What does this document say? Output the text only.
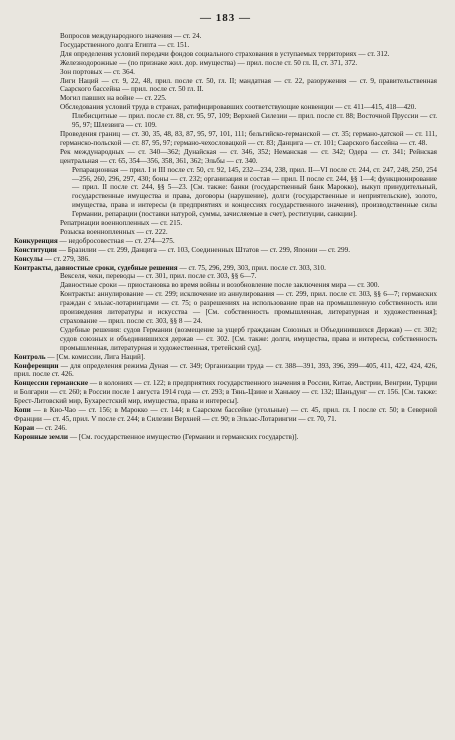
— 183 —

Вопросов международного значения — ст. 24.

Государственного долга Египта — ст. 151.

Для определения условий передачи фондов социального страхования в уступаемых территориях — ст. 312.

Железнодорожные — (по признаке жил. дор. имущества) — прил. после ст. 50 гл. II, ст. 371, 372.

Зон портовых — ст. 364.

Лиги Наций — ст. 9, 22, 48, прил. после ст. 50, гл. II; мандатная — ст. 22, разоружения — ст. 9, правительственная Саарского бассейна — прил. после ст. 50 гл. II.

Могил павших на войне — ст. 225.

Обследования условий труда в странах, ратифицировавших соответствующие конвенции — ст. 411—415, 418—420.

Плебисцитные — прил. после ст. 88, ст. 95, 97, 109; Верхней Силезии — прил. после ст. 88; Восточной Пруссии — ст. 95, 97; Шлезвига — ст. 109.

Проведения границ — ст. 30, 35, 48, 83, 87, 95, 97, 101, 111; бельгийско-германской — ст. 35; германо-датской — ст. 111, германско-польской — ст. 87, 95, 97; германо-чехословацкой — ст. 83; Данцига — ст. 101; Саарского бассейна — ст. 48.

Рек международных — ст. 340—362; Дунайская — ст. 346, 352; Неманская — ст. 342; Одера — ст. 341; Рейнская центральная — ст. 65, 354—356, 358, 361, 362; Эльбы — ст. 340.

Репарационная — прил. I и III после ст. 50, ст. 92, 145, 232—234, 238, прил. II—VI после ст. 244, ст. 247, 248, 250, 254—256, 260, 296, 297, 430; боны — ст. 232; организация и состав — прил. II после ст. 244, §§ 1—4; функционирование — прил. II после ст. 244, §§ 5—23. [См. также: банки (государственный банк Марокко), выкуп принудительный, государственные имущества и права, договоры (нарушение), долги (государственные и неприятельские), золото, имущества, права и интересы (в предприятиях и концессиях государственного значения), производственные силы Германии, репарации (поставки натурой, суммы, зачисляемые в счет), реституции, санкции].

Репатриации военнопленных — ст. 215.

Розыска военнопленных — ст. 222.

Конкуренция — недобросовестная — ст. 274—275.

Конституции — Бразилии — ст. 299, Данцига — ст. 103, Соединенных Штатов — ст. 299, Японии — ст. 299.

Консулы — ст. 279, 386.

Контракты, давностные сроки, судебные решения — ст. 75, 296, 299, 303, прил. после ст. 303, 310.

Векселя, чеки, переводы — ст. 301, прил. после ст. 303, §§ 6—7.

Давностные сроки — приостановка во время войны и возобновление после заключения мира — ст. 300.

Контракты: аннулирование — ст. 299; исключение из аннулирования — ст. 299, прил. после ст. 303, §§ 6—7; германских граждан с эльзас-лотарингцами — ст. 75; о разрешениях на использование прав на промышленную собственность или произведения литературы и искусства — [См. собственность промышленная, литературная и художественная]; страхование — прил. после ст. 303, §§ 8 — 24.

Судебные решения: судов Германии (возмещение за ущерб гражданам Союзных и Объединившихся Держав) — ст. 302; судов союзных и объединившихся держав — ст. 302. [См. также: долги, имущества, права и интересы, собственность промышленная, литературная и художественная, третейский суд].

Контроль — [См. комиссии, Лига Наций].

Конференции — для определения режима Дуная — ст. 349; Организации труда — ст. 388—391, 393, 396, 399—405, 411, 422, 424, 426, прил. после ст. 426.

Концессии германские — в колониях — ст. 122; в предприятиях государственного значения в России, Китае, Австрии, Венгрии, Турции и Болгарии — ст. 260; в России после 1 августа 1914 года — ст. 293; в Тянь-Цзине и Ханькоу — ст. 132; Шаньдунг — ст. 156. [См. также: Брест-Литовский мир, Бухарестский мир, имущества, права и интересы].

Копи — в Кио-Чао — ст. 156; в Марокко — ст. 144; в Саарском бассейне (угольные) — ст. 45, прил. гл. I после ст. 50; в Северной Франции — ст. 45, прил. V после ст. 244; в Силезии Верхней — ст. 90; в Эльзас-Лотарингии — ст. 70, 71.

Кораи — ст. 246.

Коронные земли — [См. государственное имущество (Германии и германских государств)].
